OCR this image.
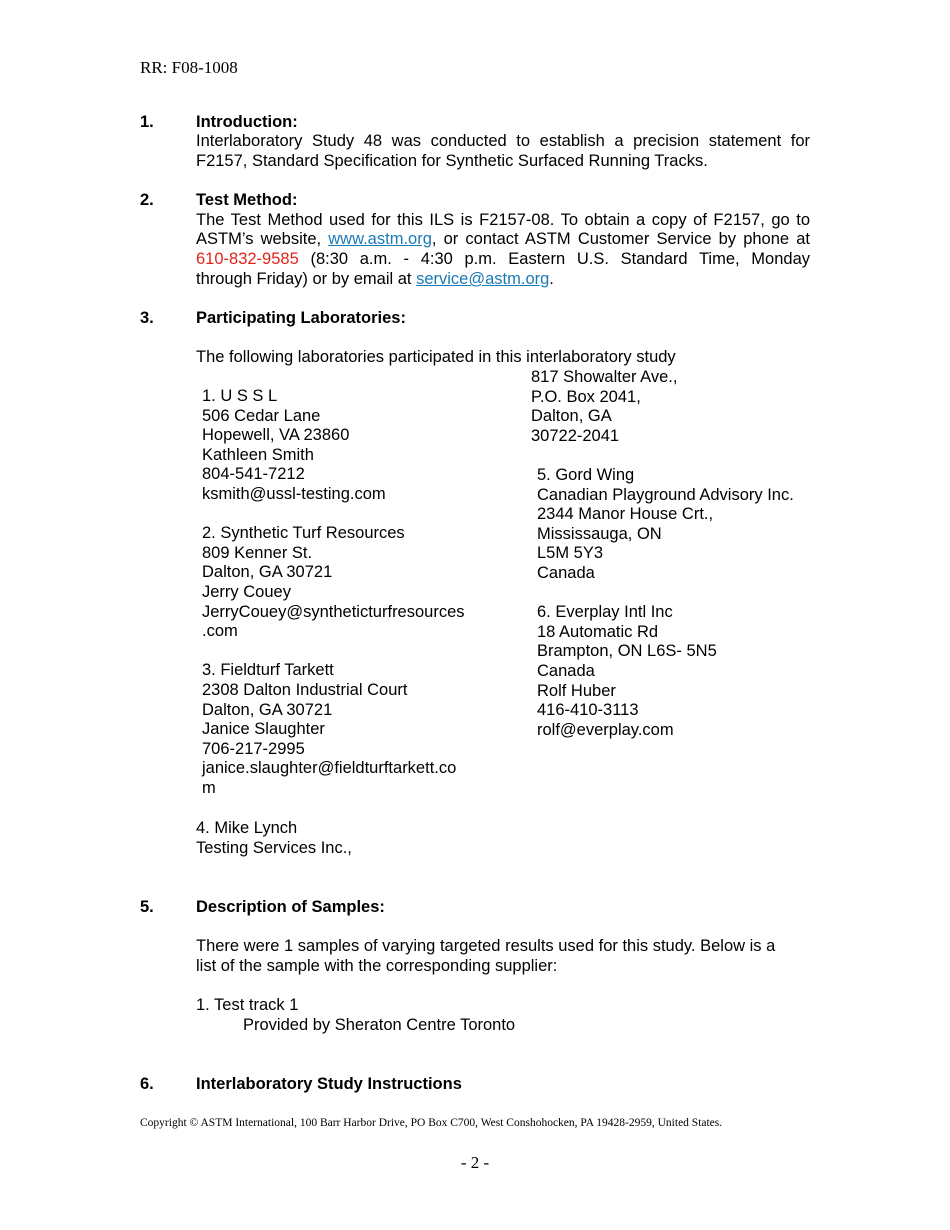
RR: F08-1008
1.	Introduction:
Interlaboratory Study 48 was conducted to establish a precision statement for
F2157, Standard Specification for Synthetic Surfaced Running Tracks.
2.	Test Method:
The Test Method used for this ILS is F2157-08. To obtain a copy of F2157, go to
ASTM’s website, www.astm.org, or contact ASTM Customer Service by phone at
610-832-9585 (8:30 a.m. - 4:30 p.m. Eastern U.S. Standard Time, Monday
through Friday) or by email at service@astm.org.
3.	Participating Laboratories:
The following laboratories participated in this interlaboratory study
817 Showalter Ave.,
P.O. Box 2041,
Dalton, GA
30722-2041
1. U S S L
506 Cedar Lane
Hopewell, VA 23860
Kathleen Smith
804-541-7212
ksmith@ussl-testing.com
2. Synthetic Turf Resources
809 Kenner St.
Dalton, GA 30721
Jerry Couey
JerryCouey@syntheticturfresources
.com
3. Fieldturf Tarkett
2308 Dalton Industrial Court
Dalton, GA 30721
Janice Slaughter
706-217-2995
janice.slaughter@fieldturftarkett.co
m
5. Gord Wing
Canadian Playground Advisory Inc.
2344 Manor House Crt.,
Mississauga, ON
L5M 5Y3
Canada
6. Everplay Intl Inc
18 Automatic Rd
Brampton, ON L6S- 5N5
Canada
Rolf Huber
416-410-3113
rolf@everplay.com
4. Mike Lynch
Testing Services Inc.,
5.	Description of Samples:
There were 1 samples of varying targeted results used for this study. Below is a
list of the sample with the corresponding supplier:
1. Test track 1
Provided by Sheraton Centre Toronto
6.	Interlaboratory Study Instructions
Copyright © ASTM International, 100 Barr Harbor Drive, PO Box C700, West Conshohocken, PA 19428-2959, United States.
- 2 -
